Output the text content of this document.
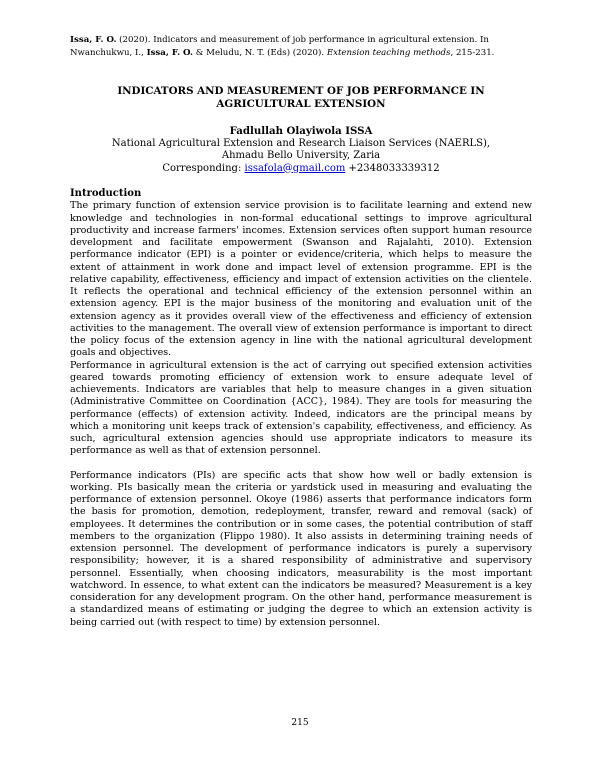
Issa, F. O. (2020). Indicators and measurement of job performance in agricultural extension. In Nwanchukwu, I., Issa, F. O. & Meludu, N. T. (Eds) (2020). Extension teaching methods, 215-231.
INDICATORS AND MEASUREMENT OF JOB PERFORMANCE IN AGRICULTURAL EXTENSION
Fadlullah Olayiwola ISSA
National Agricultural Extension and Research Liaison Services (NAERLS),
Ahmadu Bello University, Zaria
Corresponding: issafola@gmail.com +2348033339312
Introduction

The primary function of extension service provision is to facilitate learning and extend new knowledge and technologies in non-formal educational settings to improve agricultural productivity and increase farmers' incomes. Extension services often support human resource development and facilitate empowerment (Swanson and Rajalahti, 2010). Extension performance indicator (EPI) is a pointer or evidence/criteria, which helps to measure the extent of attainment in work done and impact level of extension programme. EPI is the relative capability, effectiveness, efficiency and impact of extension activities on the clientele. It reflects the operational and technical efficiency of the extension personnel within an extension agency. EPI is the major business of the monitoring and evaluation unit of the extension agency as it provides overall view of the effectiveness and efficiency of extension activities to the management. The overall view of extension performance is important to direct the policy focus of the extension agency in line with the national agricultural development goals and objectives.

Performance in agricultural extension is the act of carrying out specified extension activities geared towards promoting efficiency of extension work to ensure adequate level of achievements. Indicators are variables that help to measure changes in a given situation (Administrative Committee on Coordination {ACC}, 1984). They are tools for measuring the performance (effects) of extension activity. Indeed, indicators are the principal means by which a monitoring unit keeps track of extension's capability, effectiveness, and efficiency. As such, agricultural extension agencies should use appropriate indicators to measure its performance as well as that of extension personnel.

Performance indicators (PIs) are specific acts that show how well or badly extension is working. PIs basically mean the criteria or yardstick used in measuring and evaluating the performance of extension personnel. Okoye (1986) asserts that performance indicators form the basis for promotion, demotion, redeployment, transfer, reward and removal (sack) of employees. It determines the contribution or in some cases, the potential contribution of staff members to the organization (Flippo 1980). It also assists in determining training needs of extension personnel. The development of performance indicators is purely a supervisory responsibility; however, it is a shared responsibility of administrative and supervisory personnel. Essentially, when choosing indicators, measurability is the most important watchword. In essence, to what extent can the indicators be measured? Measurement is a key consideration for any development program. On the other hand, performance measurement is a standardized means of estimating or judging the degree to which an extension activity is being carried out (with respect to time) by extension personnel.

215
